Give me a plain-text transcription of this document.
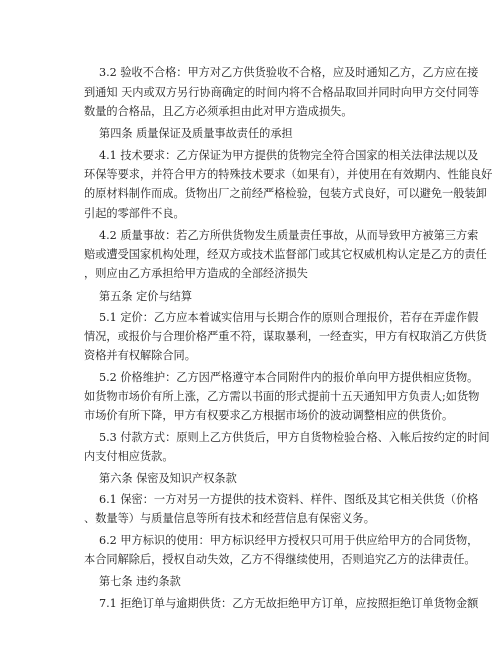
3.2 验收不合格：甲方对乙方供货验收不合格，应及时通知乙方，乙方应在接
到通知 天内或双方另行协商确定的时间内将不合格品取回并同时向甲方交付同等
数量的合格品，且乙方必须承担由此对甲方造成损失。
第四条 质量保证及质量事故责任的承担
4.1 技术要求：乙方保证为甲方提供的货物完全符合国家的相关法律法规以及
环保等要求，并符合甲方的特殊技术要求（如果有），并使用在有效期内、性能良好
的原材料制作而成。货物出厂之前经严格检验，包装方式良好，可以避免一般装卸
引起的零部件不良。
4.2 质量事故：若乙方所供货物发生质量责任事故，从而导致甲方被第三方索
赔或遭受国家机构处理，经双方或技术监督部门或其它权威机构认定是乙方的责任
，则应由乙方承担给甲方造成的全部经济损失
第五条 定价与结算
5.1 定价：乙方应本着诚实信用与长期合作的原则合理报价，若存在弄虚作假
情况，或报价与合理价格严重不符，谋取暴利，一经查实，甲方有权取消乙方供货
资格并有权解除合同。
5.2 价格维护：乙方因严格遵守本合同附件内的报价单向甲方提供相应货物。
如货物市场价有所上涨，乙方需以书面的形式提前十五天通知甲方负责人;如货物
市场价有所下降，甲方有权要求乙方根据市场价的波动调整相应的供货价。
5.3 付款方式：原则上乙方供货后，甲方自货物检验合格、入帐后按约定的时间
内支付相应货款。
第六条 保密及知识产权条款
6.1 保密：一方对另一方提供的技术资料、样件、图纸及其它相关供货（价格
、数量等）与质量信息等所有技术和经营信息有保密义务。
6.2 甲方标识的使用：甲方标识经甲方授权只可用于供应给甲方的合同货物，
本合同解除后，授权自动失效，乙方不得继续使用，否则追究乙方的法律责任。
第七条 违约条款
7.1 拒绝订单与逾期供货：乙方无故拒绝甲方订单，应按照拒绝订单货物金额
